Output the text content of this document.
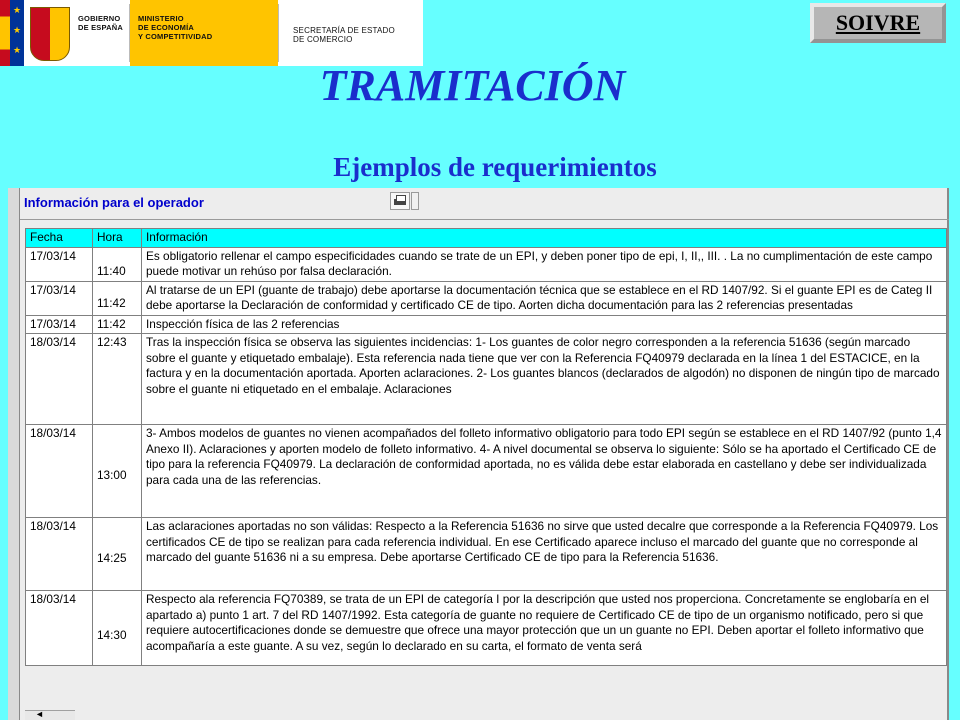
★
★
★
GOBIERNO
DE ESPAÑA
MINISTERIO
DE ECONOMÍA
Y COMPETITIVIDAD
SECRETARÍA DE ESTADO
DE COMERCIO
SOIVRE
TRAMITACIÓN
Ejemplos de requerimientos
Información para el operador
Fecha	Hora	Información
17/03/14	11:40	Es obligatorio rellenar el campo especificidades cuando se trate de un EPI, y deben poner tipo de epi, I, II,, III. . La no cumplimentación de este campo puede motivar un rehúso por falsa declaración.
17/03/14	11:42	Al tratarse de un EPI (guante de trabajo) debe aportarse la documentación técnica que se establece en el RD 1407/92. Si el guante EPI es de Categ II debe aportarse la Declaración de conformidad y certificado CE de tipo. Aorten dicha documentación para las 2 referencias presentadas
17/03/14	11:42	Inspección física de las 2 referencias
18/03/14	12:43	Tras la inspección física se observa las siguientes incidencias: 1- Los guantes de color negro corresponden a la referencia 51636 (según marcado sobre el guante y etiquetado embalaje). Esta referencia nada tiene que ver con la Referencia FQ40979 declarada en la línea 1 del ESTACICE, en la factura y en la documentación aportada. Aporten aclaraciones. 2- Los guantes blancos (declarados de algodón) no disponen de ningún tipo de marcado sobre el guante ni etiquetado en el embalaje. Aclaraciones
18/03/14	13:00	3- Ambos modelos de guantes no vienen acompañados del folleto informativo obligatorio para todo EPI según se establece en el RD 1407/92 (punto 1,4 Anexo II). Aclaraciones y aporten modelo de folleto informativo. 4- A nivel documental se observa lo siguiente: Sólo se ha aportado el Certificado CE de tipo para la referencia FQ40979. La declaración de conformidad aportada, no es válida debe estar elaborada en castellano y debe ser individualizada para cada una de las referencias.
18/03/14	14:25	Las aclaraciones aportadas no son válidas: Respecto a la Referencia 51636 no sirve que usted decalre que corresponde a la Referencia FQ40979. Los certificados CE de tipo se realizan para cada referencia individual. En ese Certificado aparece incluso el marcado del guante que no corresponde al marcado del guante 51636 ni a su empresa. Debe aportarse Certificado CE de tipo para la Referencia 51636.
18/03/14	14:30	Respecto ala referencia FQ70389, se trata de un EPI de categoría I por la descripción que usted nos properciona. Concretamente se englobaría en el apartado a) punto 1 art. 7 del RD 1407/1992. Esta categoría de guante no requiere de Certificado CE de tipo de un organismo notificado, pero si que requiere autocertificaciones donde se demuestre que ofrece una mayor protección que un un guante no EPI. Deben aportar el folleto informativo que acompañaría a este guante. A su vez, según lo declarado en su carta, el formato de venta será
◄
